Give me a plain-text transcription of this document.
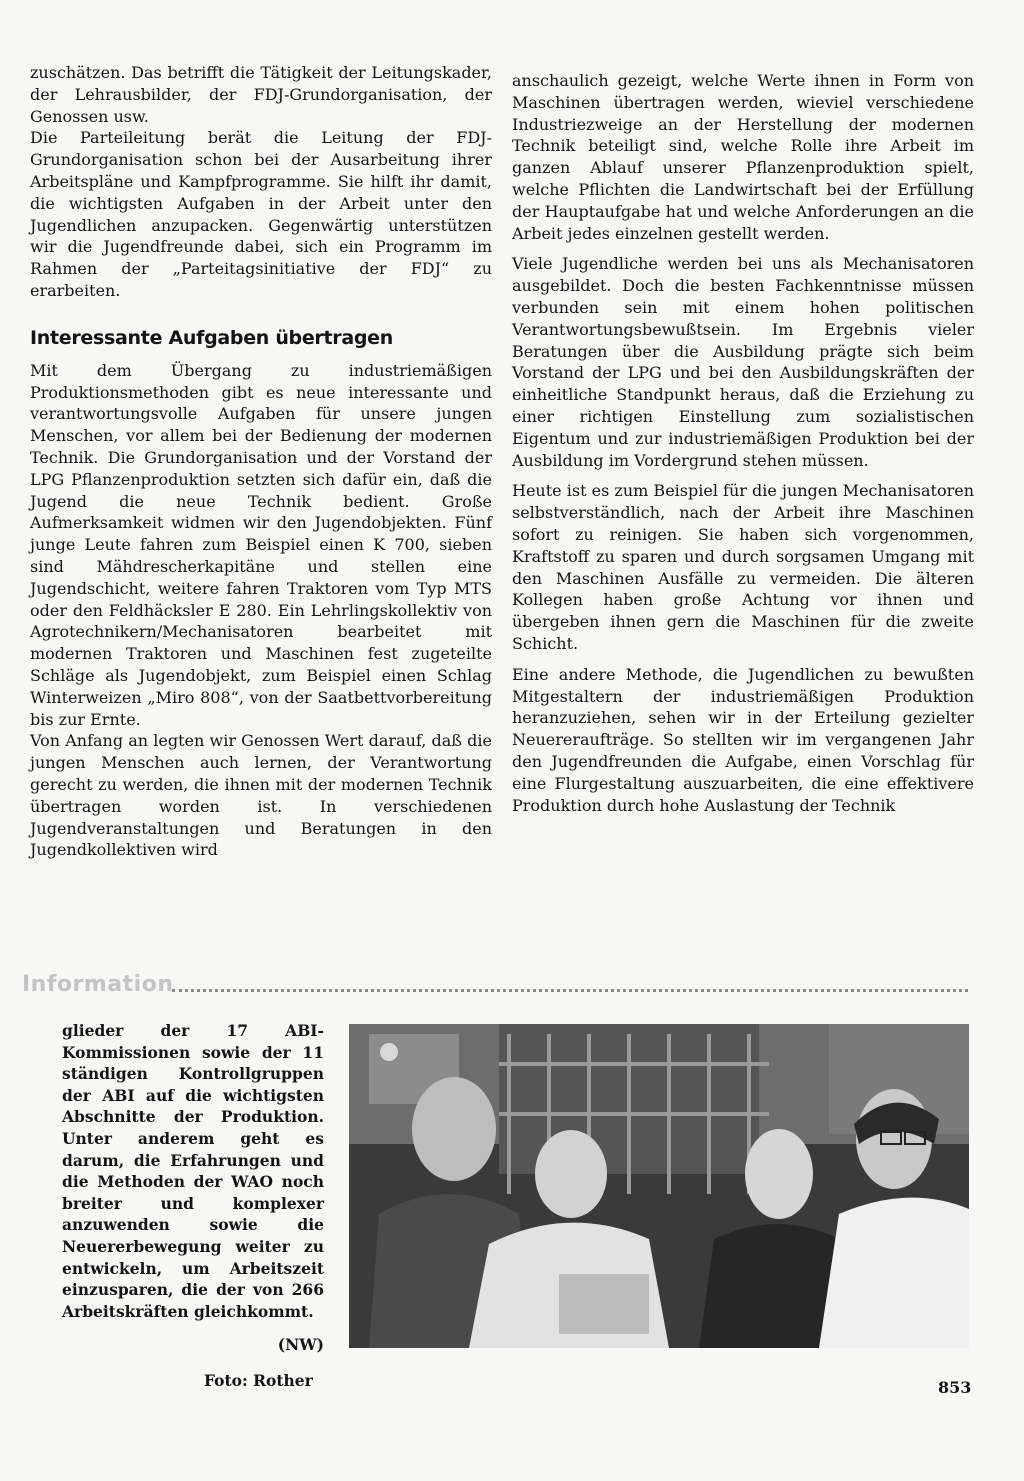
zuschätzen. Das betrifft die Tätigkeit der Leitungskader, der Lehrausbilder, der FDJ-Grundorganisation, der Genossen usw.

Die Parteileitung berät die Leitung der FDJ-Grundorganisation schon bei der Ausarbeitung ihrer Arbeitspläne und Kampfprogramme. Sie hilft ihr damit, die wichtigsten Aufgaben in der Arbeit unter den Jugendlichen anzupacken. Gegenwärtig unterstützen wir die Jugendfreunde dabei, sich ein Programm im Rahmen der „Parteitagsinitiative der FDJ“ zu erarbeiten.

Interessante Aufgaben übertragen

Mit dem Übergang zu industriemäßigen Produktionsmethoden gibt es neue interessante und verantwortungsvolle Aufgaben für unsere jungen Menschen, vor allem bei der Bedienung der modernen Technik. Die Grundorganisation und der Vorstand der LPG Pflanzenproduktion setzten sich dafür ein, daß die Jugend die neue Technik bedient. Große Aufmerksamkeit widmen wir den Jugendobjekten. Fünf junge Leute fahren zum Beispiel einen K 700, sieben sind Mähdrescherkapitäne und stellen eine Jugendschicht, weitere fahren Traktoren vom Typ MTS oder den Feldhäcksler E 280. Ein Lehrlingskollektiv von Agrotechnikern/Mechanisatoren bearbeitet mit modernen Traktoren und Maschinen fest zugeteilte Schläge als Jugendobjekt, zum Beispiel einen Schlag Winterweizen „Miro 808“, von der Saatbettvorbereitung bis zur Ernte.

Von Anfang an legten wir Genossen Wert darauf, daß die jungen Menschen auch lernen, der Verantwortung gerecht zu werden, die ihnen mit der modernen Technik übertragen worden ist. In verschiedenen Jugendveranstaltungen und Beratungen in den Jugendkollektiven wird

anschaulich gezeigt, welche Werte ihnen in Form von Maschinen übertragen werden, wieviel verschiedene Industriezweige an der Herstellung der modernen Technik beteiligt sind, welche Rolle ihre Arbeit im ganzen Ablauf unserer Pflanzenproduktion spielt, welche Pflichten die Landwirtschaft bei der Erfüllung der Hauptaufgabe hat und welche Anforderungen an die Arbeit jedes einzelnen gestellt werden.

Viele Jugendliche werden bei uns als Mechanisatoren ausgebildet. Doch die besten Fachkenntnisse müssen verbunden sein mit einem hohen politischen Verantwortungsbewußtsein. Im Ergebnis vieler Beratungen über die Ausbildung prägte sich beim Vorstand der LPG und bei den Ausbildungskräften der einheitliche Standpunkt heraus, daß die Erziehung zu einer richtigen Einstellung zum sozialistischen Eigentum und zur industriemäßigen Produktion bei der Ausbildung im Vordergrund stehen müssen.

Heute ist es zum Beispiel für die jungen Mechanisatoren selbstverständlich, nach der Arbeit ihre Maschinen sofort zu reinigen. Sie haben sich vorgenommen, Kraftstoff zu sparen und durch sorgsamen Umgang mit den Maschinen Ausfälle zu vermeiden. Die älteren Kollegen haben große Achtung vor ihnen und übergeben ihnen gern die Maschinen für die zweite Schicht.

Eine andere Methode, die Jugendlichen zu bewußten Mitgestaltern der industriemäßigen Produktion heranzuziehen, sehen wir in der Erteilung gezielter Neuereraufträge. So stellten wir im vergangenen Jahr den Jugendfreunden die Aufgabe, einen Vorschlag für eine Flurgestaltung auszuarbeiten, die eine effektivere Produktion durch hohe Auslastung der Technik

Information

glieder der 17 ABI-Kommissionen sowie der 11 ständigen Kontrollgruppen der ABI auf die wichtigsten Abschnitte der Produktion. Unter anderem geht es darum, die Erfahrungen und die Methoden der WAO noch breiter und komplexer anzuwenden sowie die Neuererbewegung weiter zu entwickeln, um Arbeitszeit einzusparen, die der von 266 Arbeitskräften gleichkommt.

(NW)

Foto: Rother	853
